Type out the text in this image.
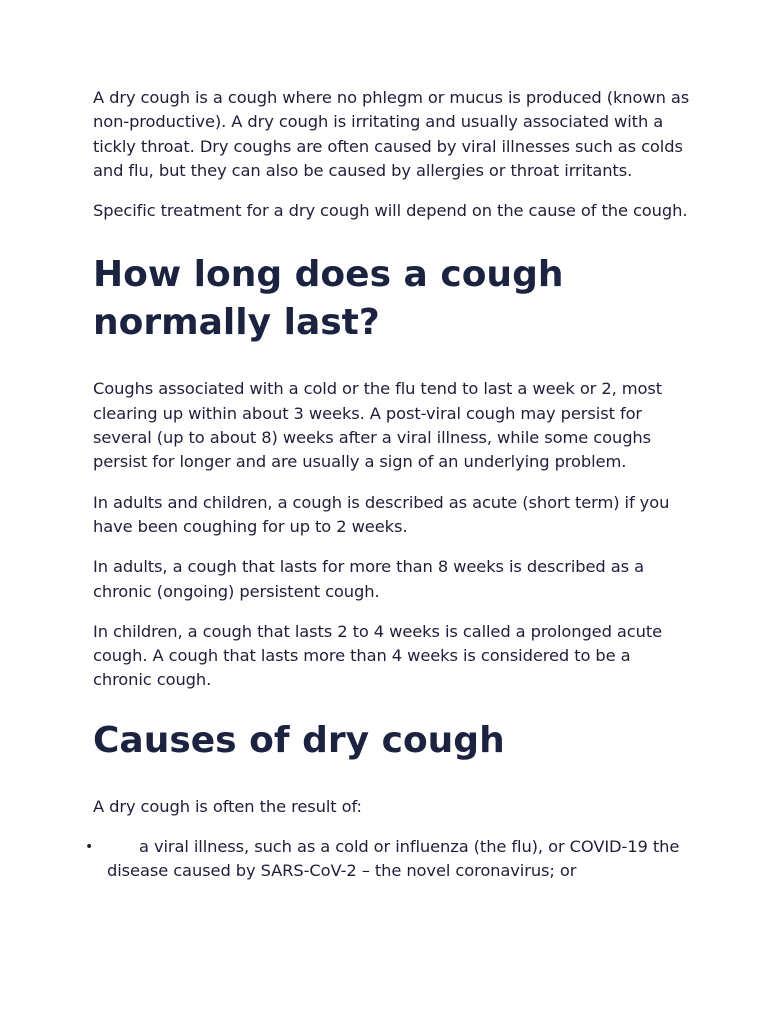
A dry cough is a cough where no phlegm or mucus is produced (known as non-productive). A dry cough is irritating and usually associated with a tickly throat. Dry coughs are often caused by viral illnesses such as colds and flu, but they can also be caused by allergies or throat irritants.

Specific treatment for a dry cough will depend on the cause of the cough.

How long does a cough normally last?

Coughs associated with a cold or the flu tend to last a week or 2, most clearing up within about 3 weeks. A post-viral cough may persist for several (up to about 8) weeks after a viral illness, while some coughs persist for longer and are usually a sign of an underlying problem.

In adults and children, a cough is described as acute (short term) if you have been coughing for up to 2 weeks.

In adults, a cough that lasts for more than 8 weeks is described as a chronic (ongoing) persistent cough.

In children, a cough that lasts 2 to 4 weeks is called a prolonged acute cough. A cough that lasts more than 4 weeks is considered to be a chronic cough.

Causes of dry cough

A dry cough is often the result of:

•	a viral illness, such as a cold or influenza (the flu), or COVID-19 the disease caused by SARS-CoV-2 – the novel coronavirus; or
